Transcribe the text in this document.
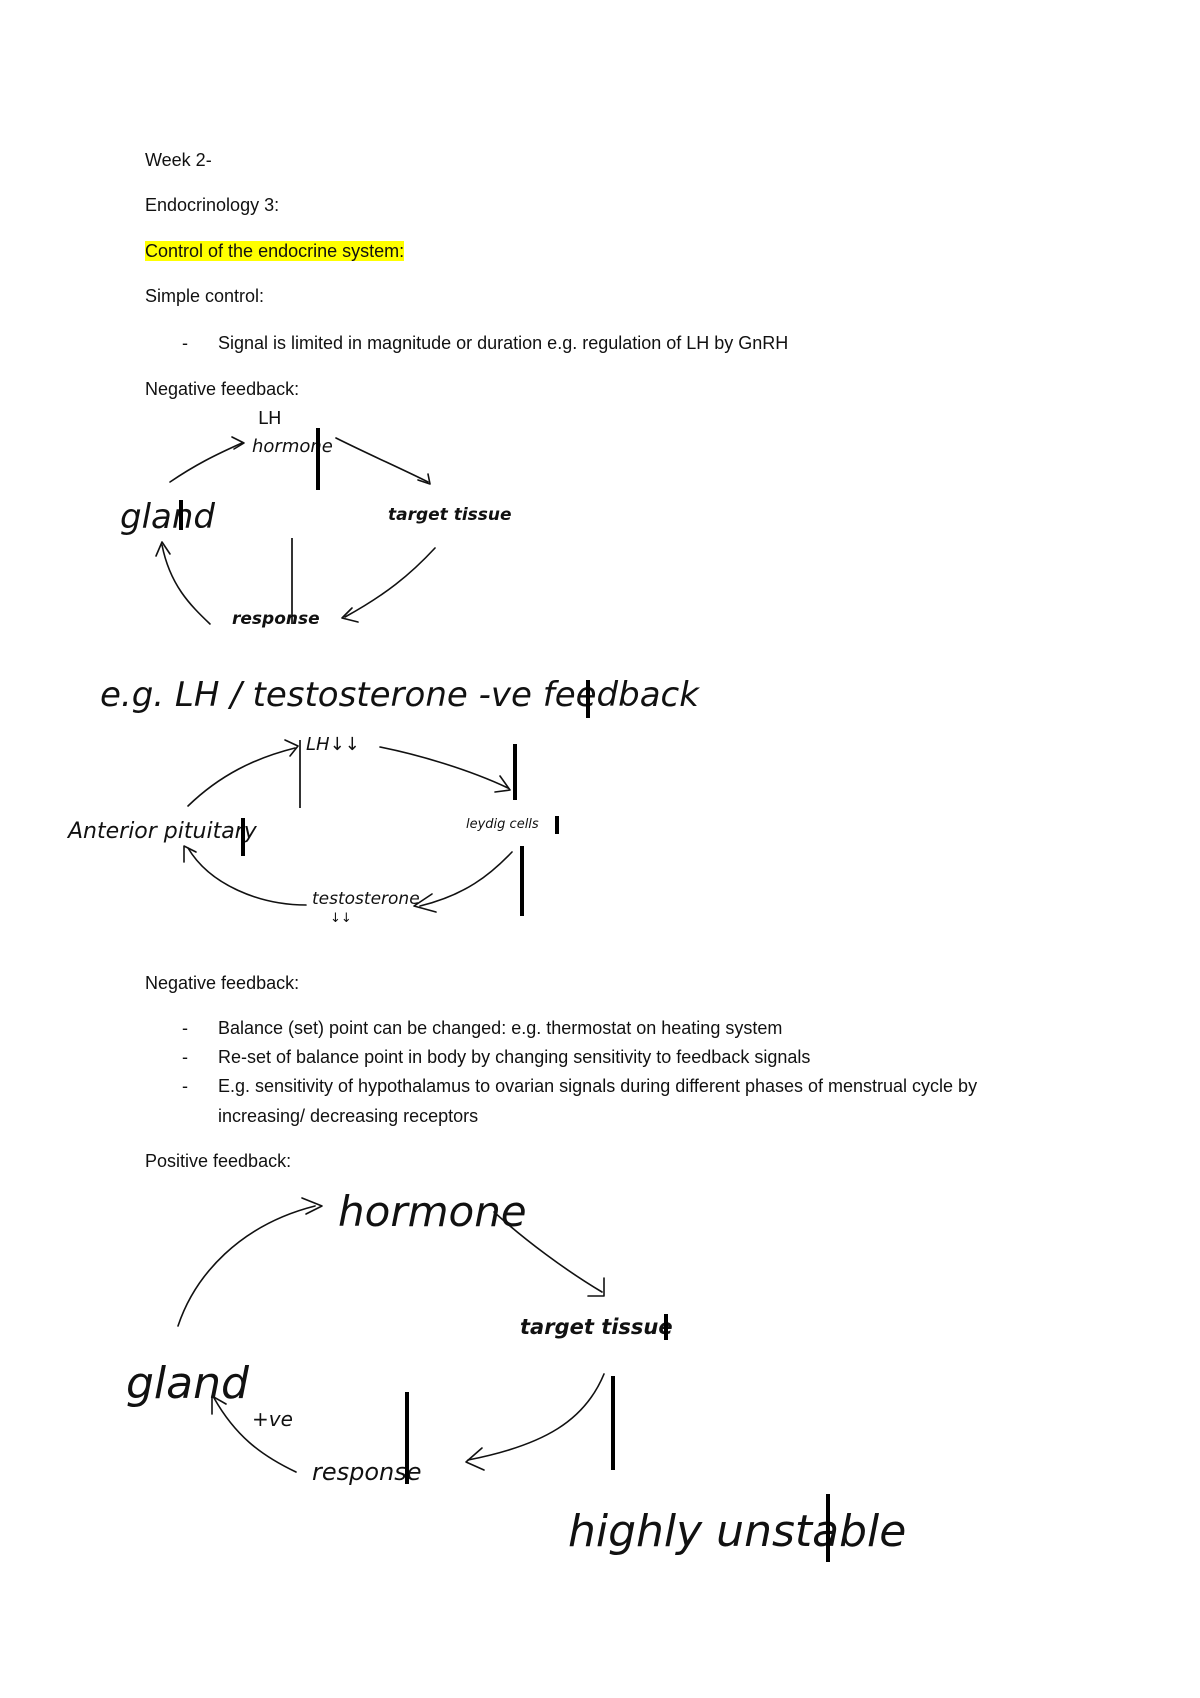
Week 2-
Endocrinology 3:
Control of the endocrine system:
Simple control:
- Signal is limited in magnitude or duration e.g. regulation of LH by GnRH
Negative feedback:
Negative feedback:
- Balance (set) point can be changed: e.g. thermostat on heating system
- Re-set of balance point in body by changing sensitivity to feedback signals
- E.g. sensitivity of hypothalamus to ovarian signals during different phases of menstrual cycle by increasing/ decreasing receptors
Positive feedback:
LH
hormone
gland	target tissue
response
e.g. LH / testosterone -ve feedback
LH↓↓
Anterior pituitary	leydig cells
testosterone
↓↓
hormone
target tissue
gland
+ve
response
highly unstable
